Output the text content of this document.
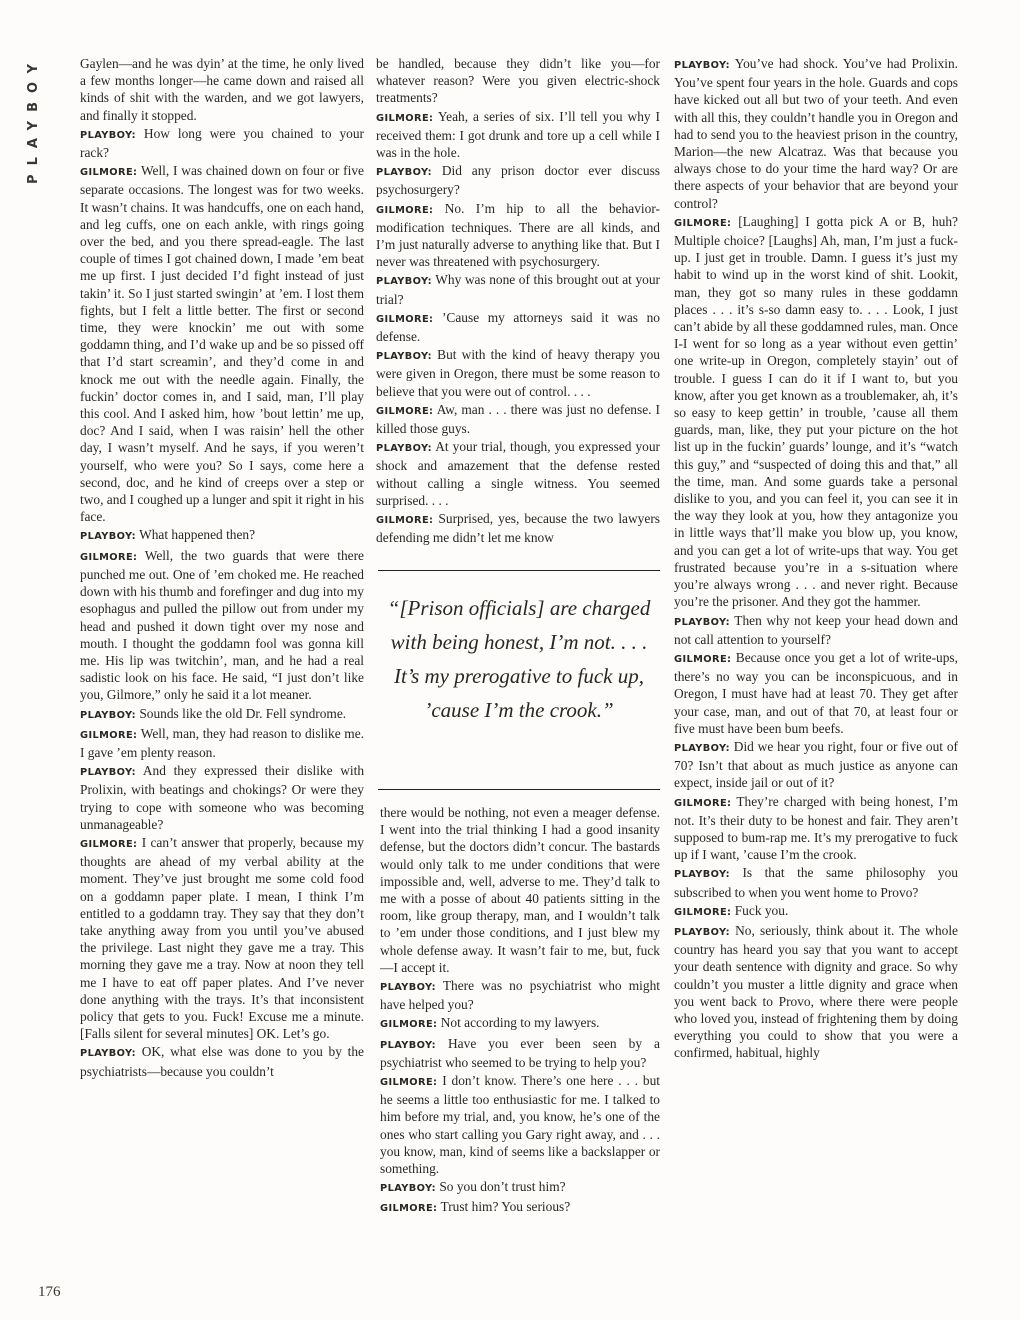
PLAYBOY
176

Gaylen—and he was dyin’ at the time, he only lived a few months longer—he came down and raised all kinds of shit with the warden, and we got lawyers, and finally it stopped.

PLAYBOY: How long were you chained to your rack?

GILMORE: Well, I was chained down on four or five separate occasions. The longest was for two weeks. It wasn’t chains. It was handcuffs, one on each hand, and leg cuffs, one on each ankle, with rings going over the bed, and you there spread-eagle. The last couple of times I got chained down, I made ’em beat me up first. I just decided I’d fight instead of just takin’ it. So I just started swingin’ at ’em. I lost them fights, but I felt a little better. The first or second time, they were knockin’ me out with some goddamn thing, and I’d wake up and be so pissed off that I’d start screamin’, and they’d come in and knock me out with the needle again. Finally, the fuckin’ doctor comes in, and I said, man, I’ll play this cool. And I asked him, how ’bout lettin’ me up, doc? And I said, when I was raisin’ hell the other day, I wasn’t myself. And he says, if you weren’t yourself, who were you? So I says, come here a second, doc, and he kind of creeps over a step or two, and I coughed up a lunger and spit it right in his face.

PLAYBOY: What happened then?

GILMORE: Well, the two guards that were there punched me out. One of ’em choked me. He reached down with his thumb and forefinger and dug into my esophagus and pulled the pillow out from under my head and pushed it down tight over my nose and mouth. I thought the goddamn fool was gonna kill me. His lip was twitchin’, man, and he had a real sadistic look on his face. He said, “I just don’t like you, Gilmore,” only he said it a lot meaner.

PLAYBOY: Sounds like the old Dr. Fell syndrome.

GILMORE: Well, man, they had reason to dislike me. I gave ’em plenty reason.

PLAYBOY: And they expressed their dislike with Prolixin, with beatings and chokings? Or were they trying to cope with someone who was becoming unmanageable?

GILMORE: I can’t answer that properly, because my thoughts are ahead of my verbal ability at the moment. They’ve just brought me some cold food on a goddamn paper plate. I mean, I think I’m entitled to a goddamn tray. They say that they don’t take anything away from you until you’ve abused the privilege. Last night they gave me a tray. This morning they gave me a tray. Now at noon they tell me I have to eat off paper plates. And I’ve never done anything with the trays. It’s that inconsistent policy that gets to you. Fuck! Excuse me a minute. [Falls silent for several minutes] OK. Let’s go.

PLAYBOY: OK, what else was done to you by the psychiatrists—because you couldn’t

be handled, because they didn’t like you—for whatever reason? Were you given electric-shock treatments?

GILMORE: Yeah, a series of six. I’ll tell you why I received them: I got drunk and tore up a cell while I was in the hole.

PLAYBOY: Did any prison doctor ever discuss psychosurgery?

GILMORE: No. I’m hip to all the behavior-modification techniques. There are all kinds, and I’m just naturally adverse to anything like that. But I never was threatened with psychosurgery.

PLAYBOY: Why was none of this brought out at your trial?

GILMORE: ’Cause my attorneys said it was no defense.

PLAYBOY: But with the kind of heavy therapy you were given in Oregon, there must be some reason to believe that you were out of control. . . .

GILMORE: Aw, man . . . there was just no defense. I killed those guys.

PLAYBOY: At your trial, though, you expressed your shock and amazement that the defense rested without calling a single witness. You seemed surprised. . . .

GILMORE: Surprised, yes, because the two lawyers defending me didn’t let me know

“[Prison officials] are charged with being honest, I’m not. . . . It’s my prerogative to fuck up, ’cause I’m the crook.”

there would be nothing, not even a meager defense. I went into the trial thinking I had a good insanity defense, but the doctors didn’t concur. The bastards would only talk to me under conditions that were impossible and, well, adverse to me. They’d talk to me with a posse of about 40 patients sitting in the room, like group therapy, man, and I wouldn’t talk to ’em under those conditions, and I just blew my whole defense away. It wasn’t fair to me, but, fuck—I accept it.

PLAYBOY: There was no psychiatrist who might have helped you?

GILMORE: Not according to my lawyers.

PLAYBOY: Have you ever been seen by a psychiatrist who seemed to be trying to help you?

GILMORE: I don’t know. There’s one here . . . but he seems a little too enthusiastic for me. I talked to him before my trial, and, you know, he’s one of the ones who start calling you Gary right away, and . . . you know, man, kind of seems like a backslapper or something.

PLAYBOY: So you don’t trust him?

GILMORE: Trust him? You serious?

PLAYBOY: You’ve had shock. You’ve had Prolixin. You’ve spent four years in the hole. Guards and cops have kicked out all but two of your teeth. And even with all this, they couldn’t handle you in Oregon and had to send you to the heaviest prison in the country, Marion—the new Alcatraz. Was that because you always chose to do your time the hard way? Or are there aspects of your behavior that are beyond your control?

GILMORE: [Laughing] I gotta pick A or B, huh? Multiple choice? [Laughs] Ah, man, I’m just a fuck-up. I just get in trouble. Damn. I guess it’s just my habit to wind up in the worst kind of shit. Lookit, man, they got so many rules in these goddamn places . . . it’s s-so damn easy to. . . . Look, I just can’t abide by all these goddamned rules, man. Once I-I went for so long as a year without even gettin’ one write-up in Oregon, completely stayin’ out of trouble. I guess I can do it if I want to, but you know, after you get known as a troublemaker, ah, it’s so easy to keep gettin’ in trouble, ’cause all them guards, man, like, they put your picture on the hot list up in the fuckin’ guards’ lounge, and it’s “watch this guy,” and “suspected of doing this and that,” all the time, man. And some guards take a personal dislike to you, and you can feel it, you can see it in the way they look at you, how they antagonize you in little ways that’ll make you blow up, you know, and you can get a lot of write-ups that way. You get frustrated because you’re in a s-situation where you’re always wrong . . . and never right. Because you’re the prisoner. And they got the hammer.

PLAYBOY: Then why not keep your head down and not call attention to yourself?

GILMORE: Because once you get a lot of write-ups, there’s no way you can be inconspicuous, and in Oregon, I must have had at least 70. They get after your case, man, and out of that 70, at least four or five must have been bum beefs.

PLAYBOY: Did we hear you right, four or five out of 70? Isn’t that about as much justice as anyone can expect, inside jail or out of it?

GILMORE: They’re charged with being honest, I’m not. It’s their duty to be honest and fair. They aren’t supposed to bum-rap me. It’s my prerogative to fuck up if I want, ’cause I’m the crook.

PLAYBOY: Is that the same philosophy you subscribed to when you went home to Provo?

GILMORE: Fuck you.

PLAYBOY: No, seriously, think about it. The whole country has heard you say that you want to accept your death sentence with dignity and grace. So why couldn’t you muster a little dignity and grace when you went back to Provo, where there were people who loved you, instead of frightening them by doing everything you could to show that you were a confirmed, habitual, highly
